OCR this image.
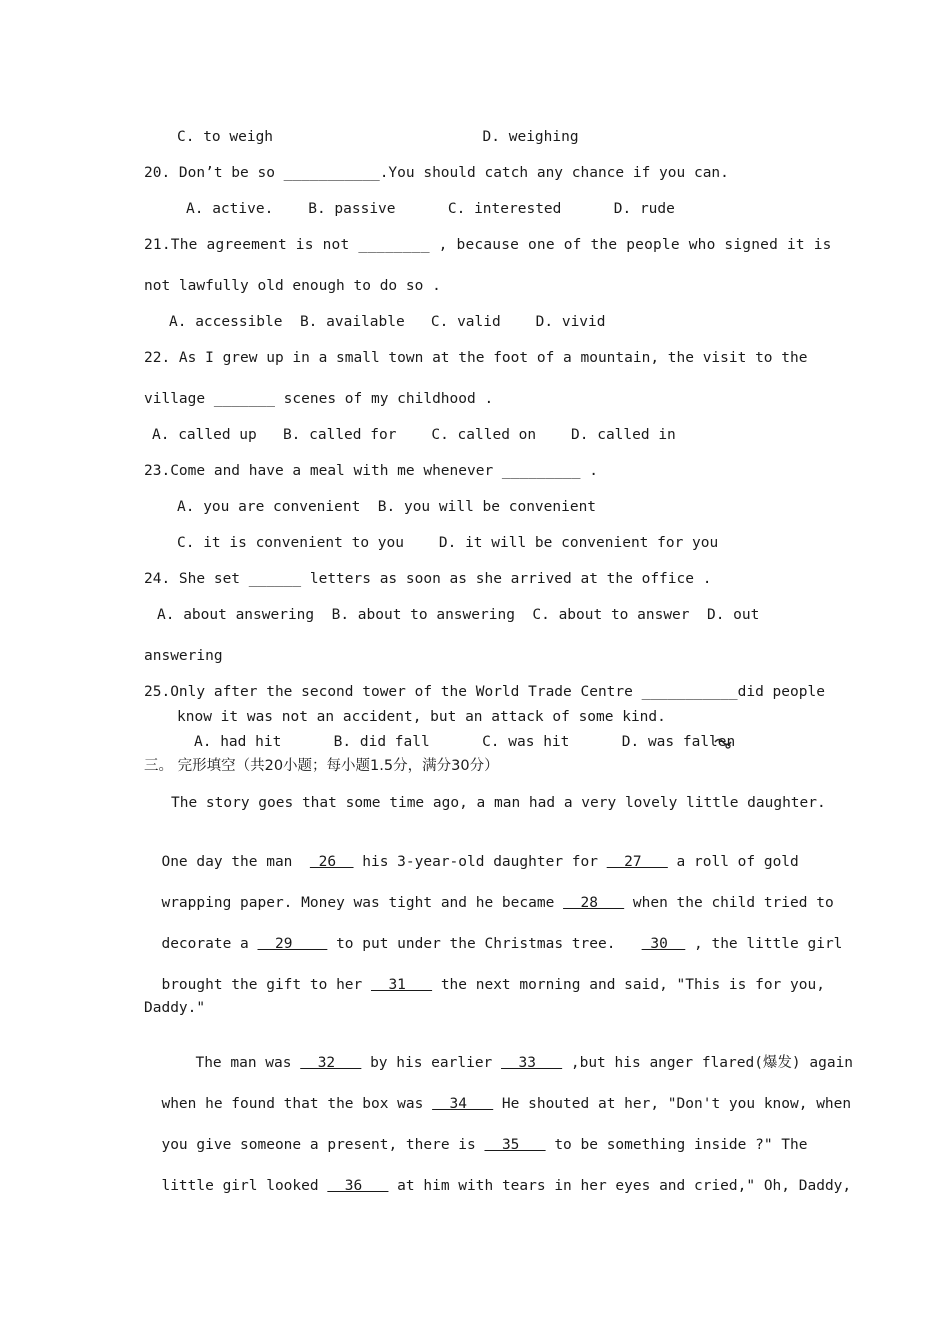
C. to weigh                        D. weighing
20. Don’t be so ___________.You should catch any chance if you can.
A. active.    B. passive      C. interested      D. rude
21.The agreement is not ________ , because one of the people who signed it is
not lawfully old enough to do so .
A. accessible  B. available   C. valid    D. vivid
22. As I grew up in a small town at the foot of a mountain, the visit to the
village _______ scenes of my childhood .
A. called up   B. called for    C. called on    D. called in
23.Come and have a meal with me whenever _________ .
A. you are convenient  B. you will be convenient
C. it is convenient to you    D. it will be convenient for you
24. She set ______ letters as soon as she arrived at the office .
A. about answering  B. about to answering  C. about to answer  D. out
answering
25.Only after the second tower of the World Trade Centre ___________did people
know it was not an accident, but an attack of some kind.
A. had hit      B. did fall      C. was hit      D. was fallen
三。 完形填空（共20小题；每小题1.5分，满分30分）
The story goes that some time ago, a man had a very lovely little daughter.

One day the man   26   his 3-year-old daughter for   27    a roll of gold

wrapping paper. Money was tight and he became   28    when the child tried to

decorate a   29     to put under the Christmas tree.    30   , the little girl

brought the gift to her   31    the next morning and said, "This is for you,

Daddy."

The man was   32    by his earlier   33    ,but his anger flared(爆发) again

when he found that the box was   34    He shouted at her, "Don't you know, when

you give someone a present, there is   35    to be something inside ?" The

little girl looked   36    at him with tears in her eyes and cried," Oh, Daddy,
